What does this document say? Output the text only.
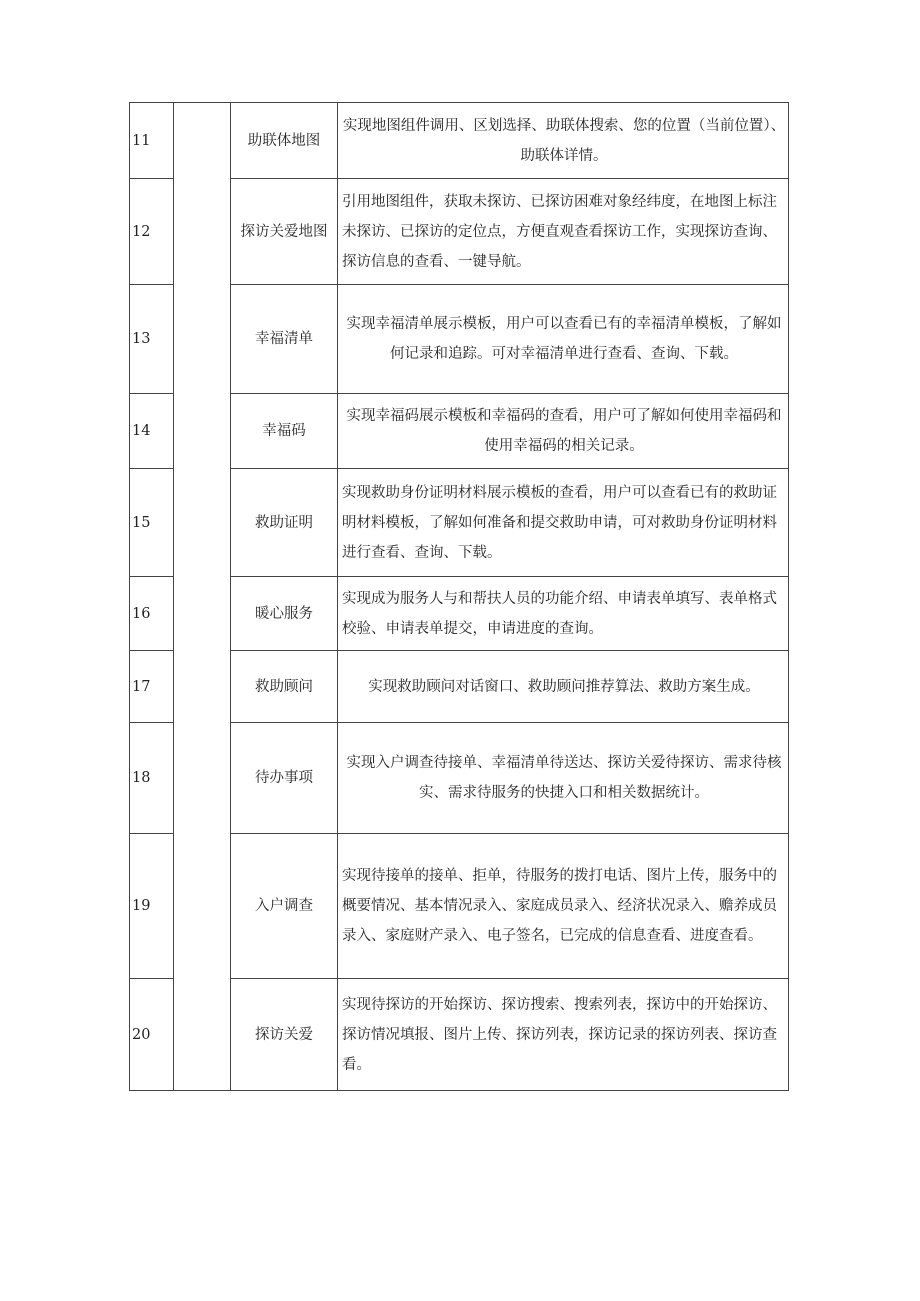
11		助联体地图	实现地图组件调用、区划选择、助联体搜索、您的位置（当前位置）、助联体详情。
12		探访关爱地图	引用地图组件，获取未探访、已探访困难对象经纬度，在地图上标注未探访、已探访的定位点，方便直观查看探访工作，实现探访查询、探访信息的查看、一键导航。
13		幸福清单	实现幸福清单展示模板，用户可以查看已有的幸福清单模板，了解如何记录和追踪。可对幸福清单进行查看、查询、下载。
14		幸福码	实现幸福码展示模板和幸福码的查看，用户可了解如何使用幸福码和使用幸福码的相关记录。
15		救助证明	实现救助身份证明材料展示模板的查看，用户可以查看已有的救助证明材料模板，了解如何准备和提交救助申请，可对救助身份证明材料进行查看、查询、下载。
16		暖心服务	实现成为服务人与和帮扶人员的功能介绍、申请表单填写、表单格式校验、申请表单提交，申请进度的查询。
17		救助顾问	实现救助顾问对话窗口、救助顾问推荐算法、救助方案生成。
18		待办事项	实现入户调查待接单、幸福清单待送达、探访关爱待探访、需求待核实、需求待服务的快捷入口和相关数据统计。
19		入户调查	实现待接单的接单、拒单，待服务的拨打电话、图片上传，服务中的概要情况、基本情况录入、家庭成员录入、经济状况录入、赡养成员录入、家庭财产录入、电子签名，已完成的信息查看、进度查看。
20		探访关爱	实现待探访的开始探访、探访搜索、搜索列表，探访中的开始探访、探访情况填报、图片上传、探访列表，探访记录的探访列表、探访查看。
